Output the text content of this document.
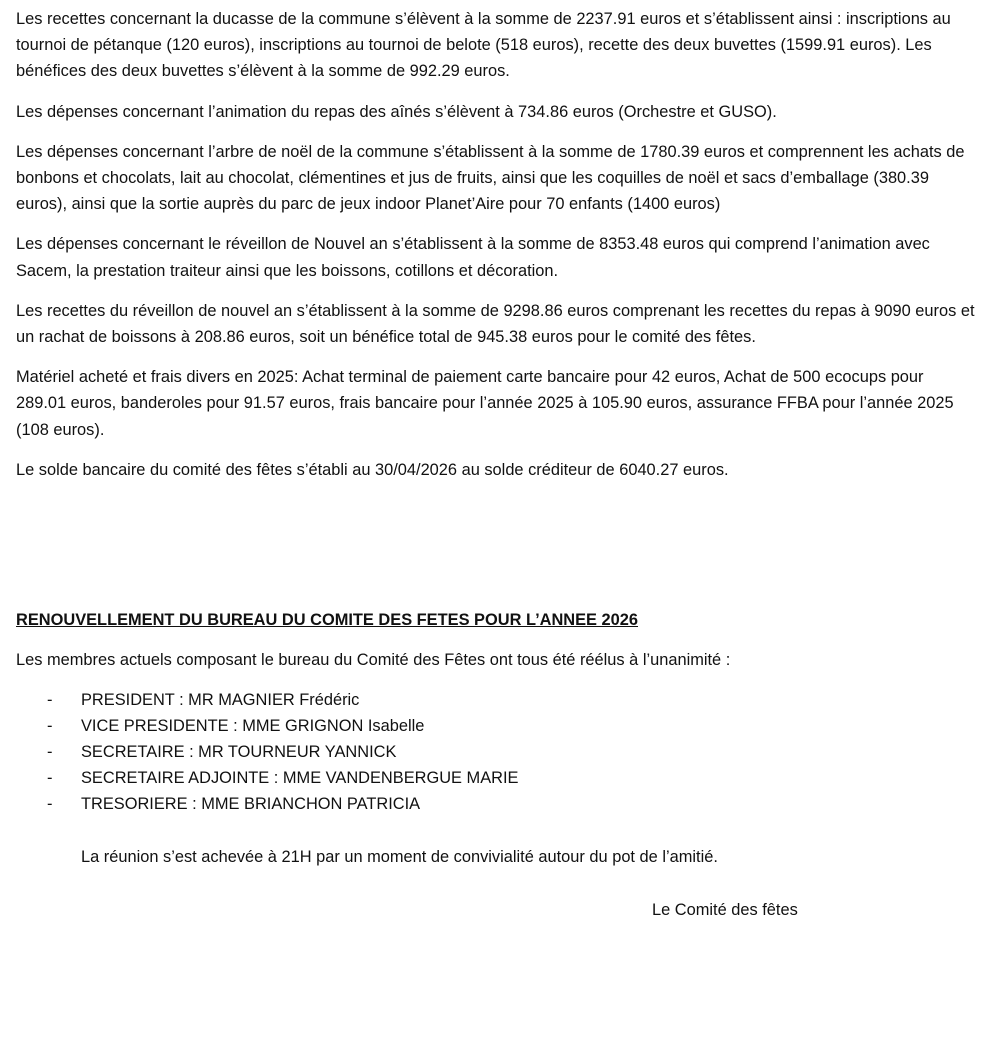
Les recettes concernant la ducasse de la commune s’élèvent à la somme de 2237.91 euros et s’établissent ainsi : inscriptions au tournoi de pétanque (120 euros), inscriptions au tournoi de belote (518 euros), recette des deux buvettes (1599.91 euros). Les bénéfices des deux buvettes s’élèvent à la somme de 992.29 euros.

Les dépenses concernant l’animation du repas des aînés s’élèvent à 734.86 euros (Orchestre et GUSO).

Les dépenses concernant l’arbre de noël de la commune s’établissent à la somme de 1780.39 euros et comprennent les achats de bonbons et chocolats, lait au chocolat, clémentines et jus de fruits, ainsi que les coquilles de noël et sacs d’emballage (380.39 euros), ainsi que la sortie auprès du parc de jeux indoor Planet’Aire pour 70 enfants (1400 euros)

Les dépenses concernant le réveillon de Nouvel an s’établissent à la somme de 8353.48 euros qui comprend l’animation avec Sacem, la prestation traiteur ainsi que les boissons, cotillons et décoration.

Les recettes du réveillon de nouvel an s’établissent à la somme de 9298.86 euros comprenant les recettes du repas à 9090 euros et un rachat de boissons à 208.86 euros, soit un bénéfice total de 945.38 euros pour le comité des fêtes.

Matériel acheté et frais divers en 2025: Achat terminal de paiement carte bancaire pour 42 euros, Achat de 500 ecocups pour 289.01 euros, banderoles pour 91.57 euros, frais bancaire pour l’année 2025 à 105.90 euros, assurance FFBA pour l’année 2025 (108 euros).

Le solde bancaire du comité des fêtes s’établi au 30/04/2026 au solde créditeur de 6040.27 euros.

RENOUVELLEMENT DU BUREAU DU COMITE DES FETES POUR L’ANNEE 2026
Les membres actuels composant le bureau du Comité des Fêtes ont tous été réélus à l’unanimité :
-	PRESIDENT : MR MAGNIER Frédéric
-	VICE PRESIDENTE : MME GRIGNON Isabelle
-	SECRETAIRE : MR TOURNEUR YANNICK
-	SECRETAIRE ADJOINTE : MME VANDENBERGUE MARIE
-	TRESORIERE : MME BRIANCHON PATRICIA
La réunion s’est achevée à 21H par un moment de convivialité autour du pot de l’amitié.
Le Comité des fêtes
